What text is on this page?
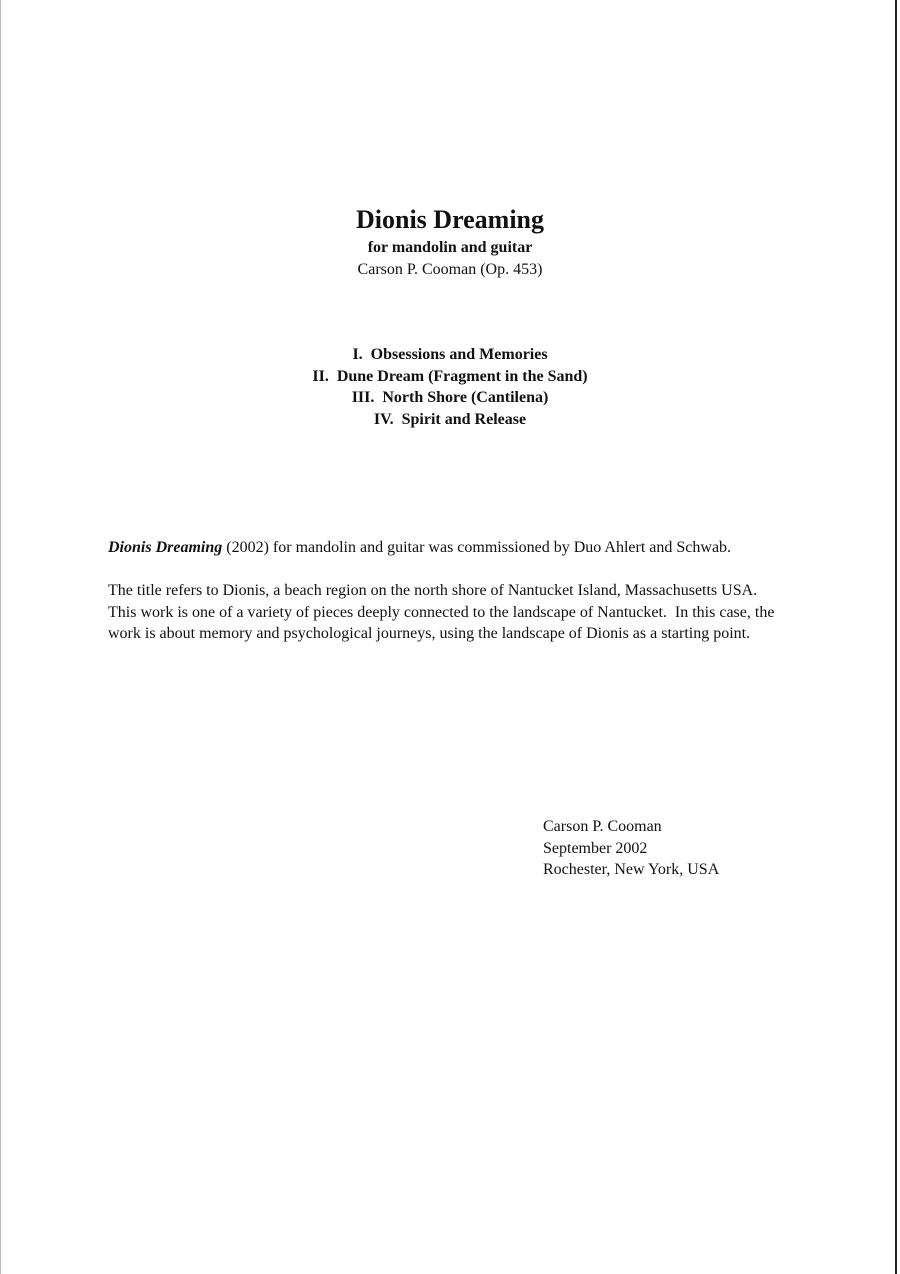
Dionis Dreaming
for mandolin and guitar
Carson P. Cooman (Op. 453)
I.  Obsessions and Memories
II.  Dune Dream (Fragment in the Sand)
III.  North Shore (Cantilena)
IV.  Spirit and Release

Dionis Dreaming (2002) for mandolin and guitar was commissioned by Duo Ahlert and Schwab.

The title refers to Dionis, a beach region on the north shore of Nantucket Island, Massachusetts USA.  This work is one of a variety of pieces deeply connected to the landscape of Nantucket.  In this case, the work is about memory and psychological journeys, using the landscape of Dionis as a starting point.

Carson P. Cooman
September 2002
Rochester, New York, USA
